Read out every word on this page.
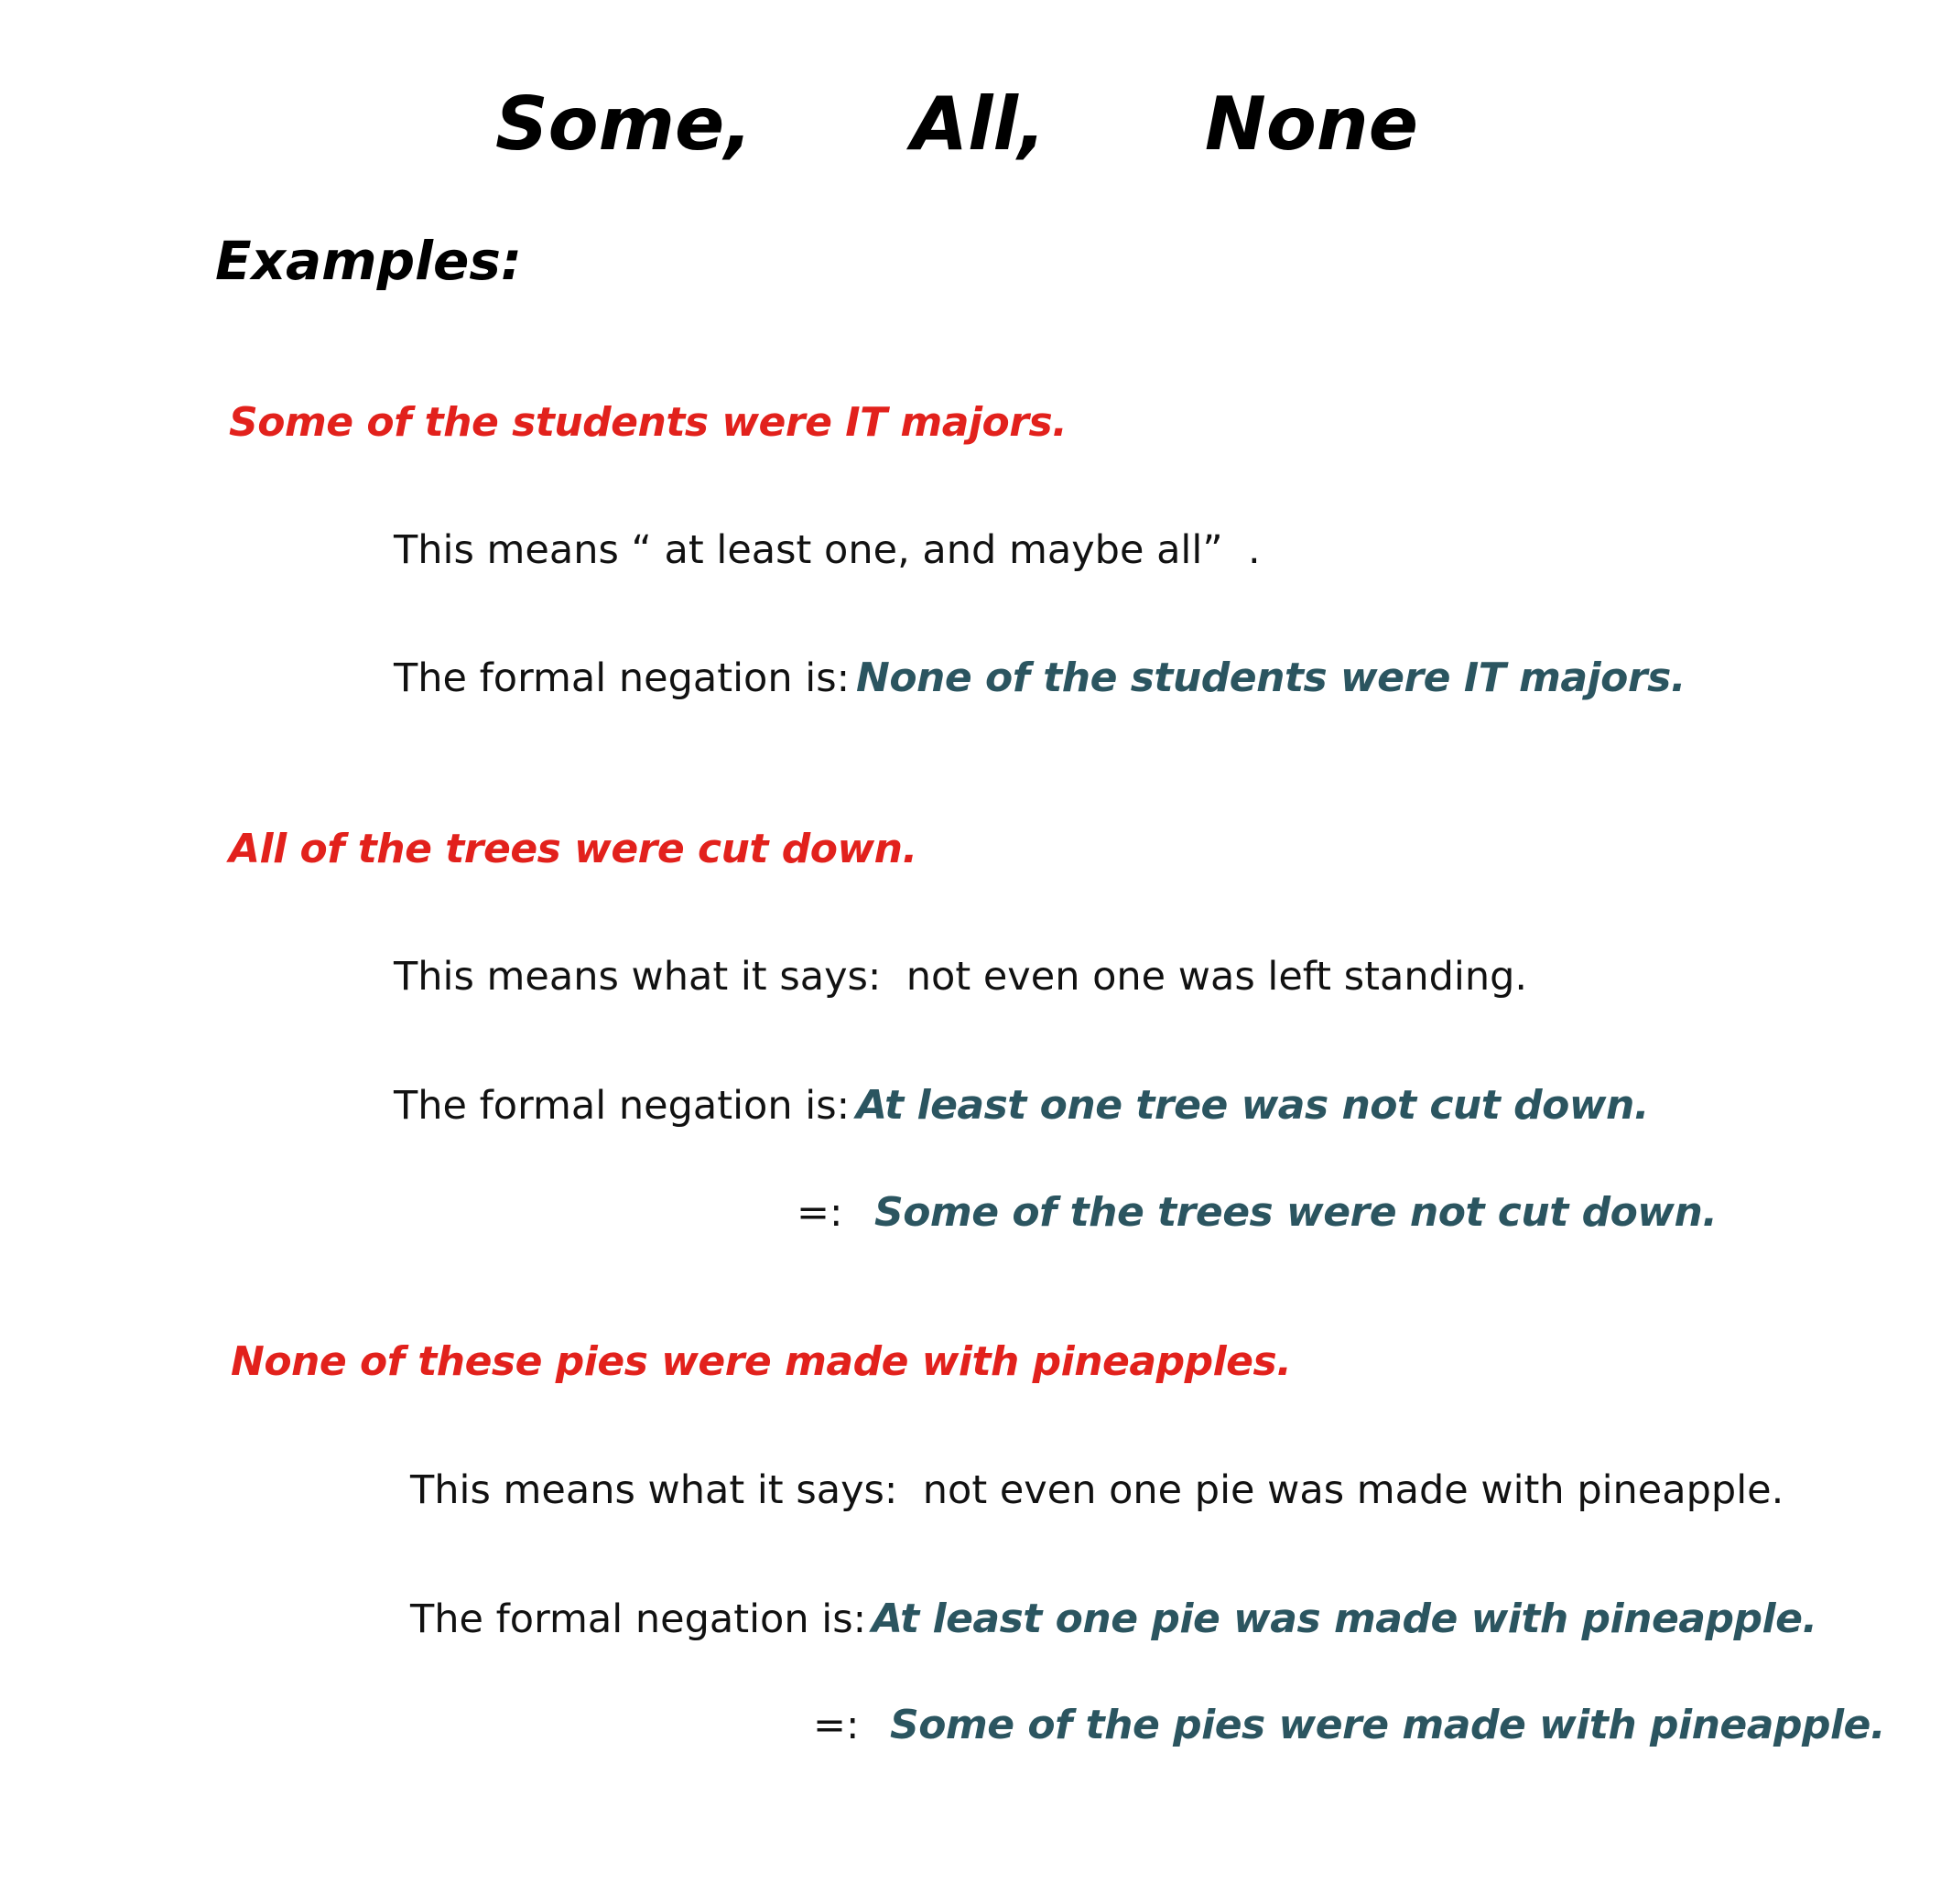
Some,   All,   None
Examples:
Some of the students were IT majors.
This means “ at least one, and maybe all”  .
The formal negation is: None of the students were IT majors.
All of the trees were cut down.
This means what it says:  not even one was left standing.
The formal negation is: At least one tree was not cut down.
=: Some of the trees were not cut down.
None of these pies were made with pineapples.
This means what it says:  not even one pie was made with pineapple.
The formal negation is: At least one pie was made with pineapple.
=: Some of the pies were made with pineapple.
